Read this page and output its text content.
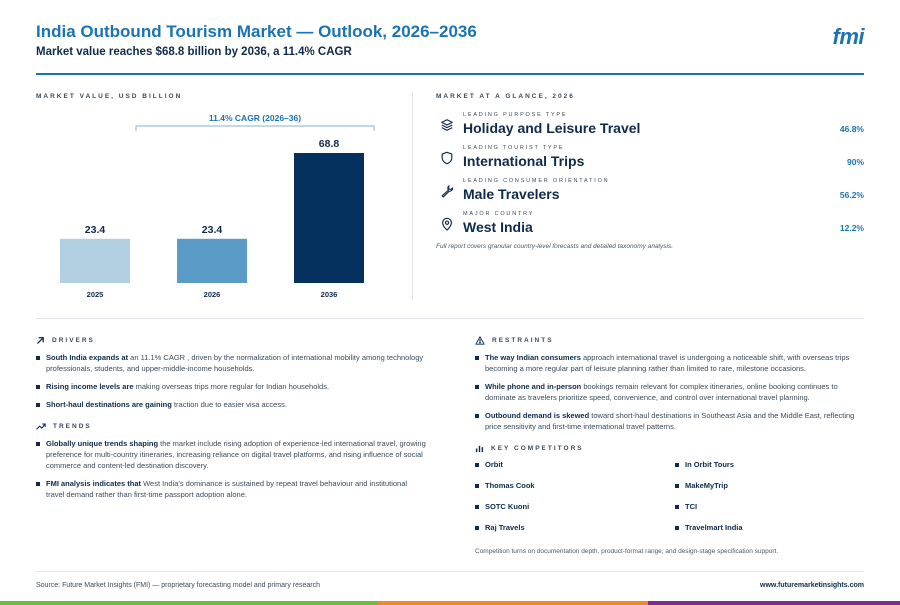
India Outbound Tourism Market — Outlook, 2026–2036
Market value reaches $68.8 billion by 2036, a 11.4% CAGR
fmi
MARKET VALUE, USD BILLION
11.4% CAGR (2026–36)
23.4
2025
23.4
2026
68.8
2036
MARKET AT A GLANCE, 2026
LEADING PURPOSE TYPE
Holiday and Leisure Travel	46.8%
LEADING TOURIST TYPE
International Trips	90%
LEADING CONSUMER ORIENTATION
Male Travelers	56.2%
MAJOR COUNTRY
West India	12.2%
Full report covers granular country-level forecasts and detailed taxonomy analysis.
DRIVERS
South India expands at an 11.1% CAGR , driven by the normalization of international mobility among technology professionals, students, and upper-middle-income households.
Rising income levels are making overseas trips more regular for Indian households.
Short-haul destinations are gaining traction due to easier visa access.
TRENDS
Globally unique trends shaping the market include rising adoption of experience-led international travel, growing preference for multi-country itineraries, increasing reliance on digital travel platforms, and rising influence of social commerce and content-led destination discovery.
FMI analysis indicates that West India's dominance is sustained by repeat travel behaviour and institutional travel demand rather than first-time passport adoption alone.
RESTRAINTS
The way Indian consumers approach international travel is undergoing a noticeable shift, with overseas trips becoming a more regular part of leisure planning rather than limited to rare, milestone occasions.
While phone and in-person bookings remain relevant for complex itineraries, online booking continues to dominate as travelers prioritize speed, convenience, and control over international travel planning.
Outbound demand is skewed toward short-haul destinations in Southeast Asia and the Middle East, reflecting price sensitivity and first-time international travel patterns.
KEY COMPETITORS
Orbit	In Orbit Tours
Thomas Cook	MakeMyTrip
SOTC Kuoni	TCI
Raj Travels	Travelmart India
Competition turns on documentation depth, product-format range, and design-stage specification support.
Source: Future Market Insights (FMI) — proprietary forecasting model and primary research	www.futuremarketinsights.com
